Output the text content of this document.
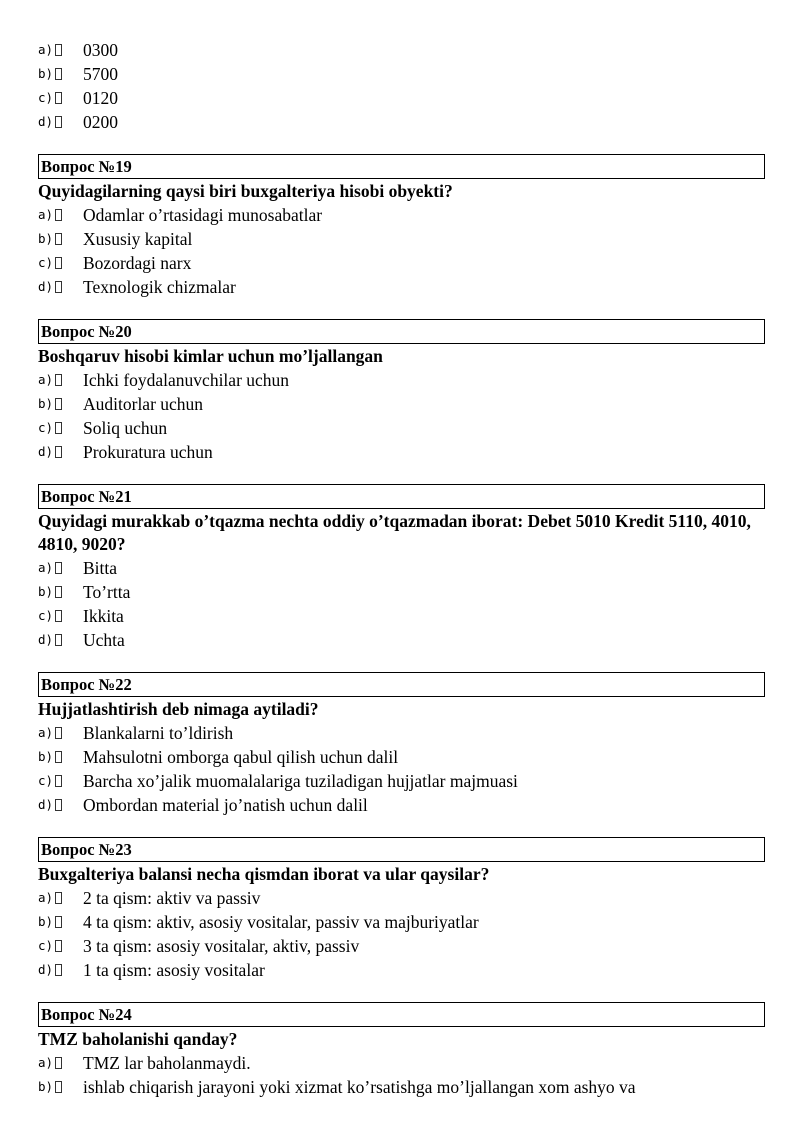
a) 0300
b) 5700
c) 0120
d) 0200
Вопрос №19
Quyidagilarning qaysi biri buxgalteriya hisobi obyekti?
a) Odamlar o’rtasidagi munosabatlar
b) Xususiy kapital
c) Bozordagi narx
d) Texnologik chizmalar
Вопрос №20
Boshqaruv hisobi kimlar uchun mo’ljallangan
a) Ichki foydalanuvchilar uchun
b) Auditorlar uchun
c) Soliq uchun
d) Prokuratura uchun
Вопрос №21
Quyidagi murakkab o’tqazma nechta oddiy o’tqazmadan iborat: Debet 5010 Kredit 5110, 4010, 4810, 9020?
a) Bitta
b) To’rtta
c) Ikkita
d) Uchta
Вопрос №22
Hujjatlashtirish deb nimaga aytiladi?
a) Blankalarni to’ldirish
b) Mahsulotni omborga qabul qilish uchun dalil
c) Barcha xo’jalik muomalalariga tuziladigan hujjatlar majmuasi
d) Ombordan material jo’natish uchun dalil
Вопрос №23
Buxgalteriya balansi necha qismdan iborat va ular qaysilar?
a) 2 ta qism: aktiv va passiv
b) 4 ta qism: aktiv, asosiy vositalar, passiv va majburiyatlar
c) 3 ta qism: asosiy vositalar, aktiv, passiv
d) 1 ta qism: asosiy vositalar
Вопрос №24
TMZ baholanishi qanday?
a) TMZ lar baholanmaydi.
b) ishlab chiqarish jarayoni yoki xizmat ko’rsatishga mo’ljallangan xom ashyo va
